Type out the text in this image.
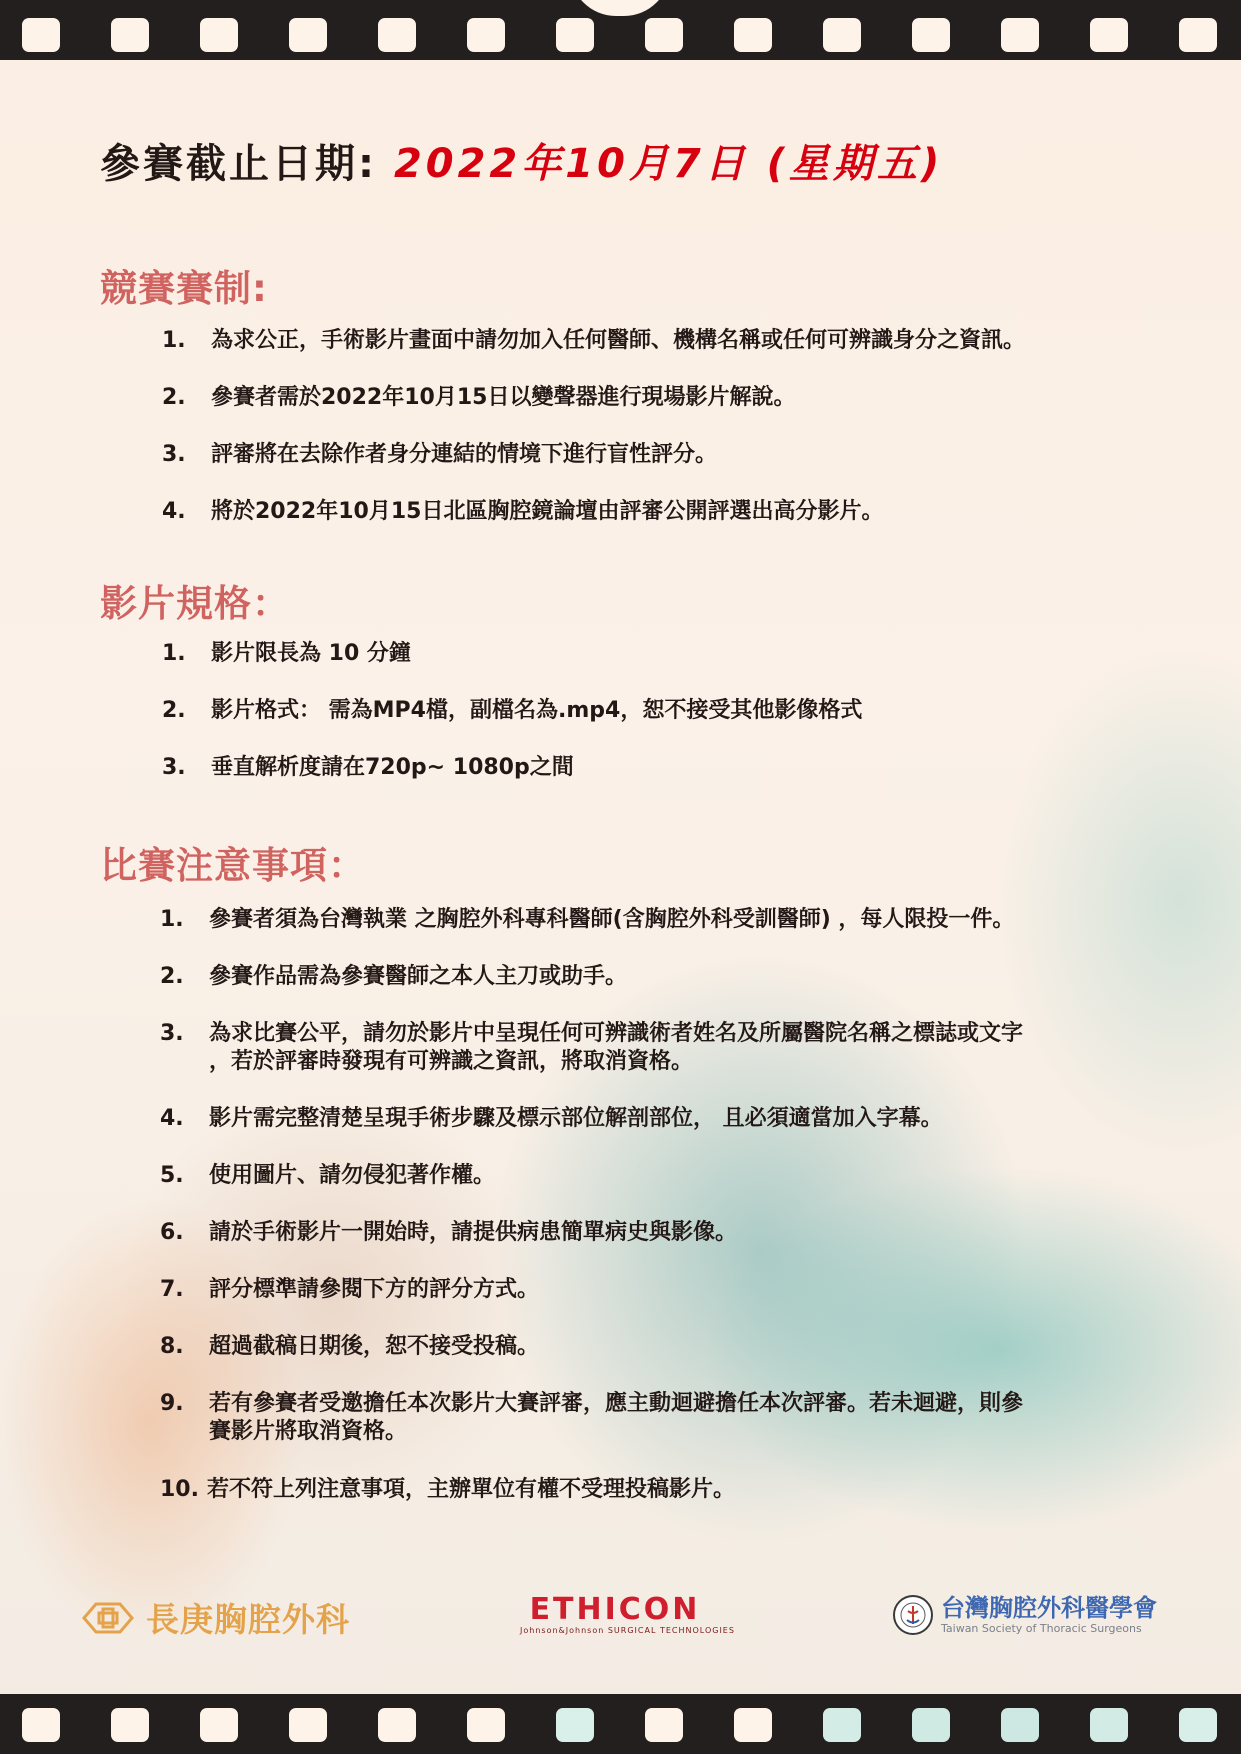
參賽截止日期: 2022年10月7日 (星期五)
競賽賽制:
1. 為求公正，手術影片畫面中請勿加入任何醫師、機構名稱或任何可辨識身分之資訊。
2. 參賽者需於2022年10月15日以變聲器進行現場影片解說。
3. 評審將在去除作者身分連結的情境下進行盲性評分。
4. 將於2022年10月15日北區胸腔鏡論壇由評審公開評選出高分影片。
影片規格：
1. 影片限長為 10 分鐘
2. 影片格式： 需為MP4檔，副檔名為.mp4，恕不接受其他影像格式
3. 垂直解析度請在720p~ 1080p之間
比賽注意事項：
1. 參賽者須為台灣執業 之胸腔外科專科醫師(含胸腔外科受訓醫師) ，每人限投一件。
2. 參賽作品需為參賽醫師之本人主刀或助手。
3. 為求比賽公平，請勿於影片中呈現任何可辨識術者姓名及所屬醫院名稱之標誌或文字
，若於評審時發現有可辨識之資訊，將取消資格。
4. 影片需完整清楚呈現手術步驟及標示部位解剖部位， 且必須適當加入字幕。
5. 使用圖片、請勿侵犯著作權。
6. 請於手術影片一開始時，請提供病患簡單病史與影像。
7. 評分標準請參閱下方的評分方式。
8. 超過截稿日期後，恕不接受投稿。
9. 若有參賽者受邀擔任本次影片大賽評審，應主動迴避擔任本次評審。若未迴避，則參
賽影片將取消資格。
10. 若不符上列注意事項，主辦單位有權不受理投稿影片。
長庚胸腔外科	ETHICON
Johnson&Johnson SURGICAL TECHNOLOGIES
台灣胸腔外科醫學會
Taiwan Society of Thoracic Surgeons
